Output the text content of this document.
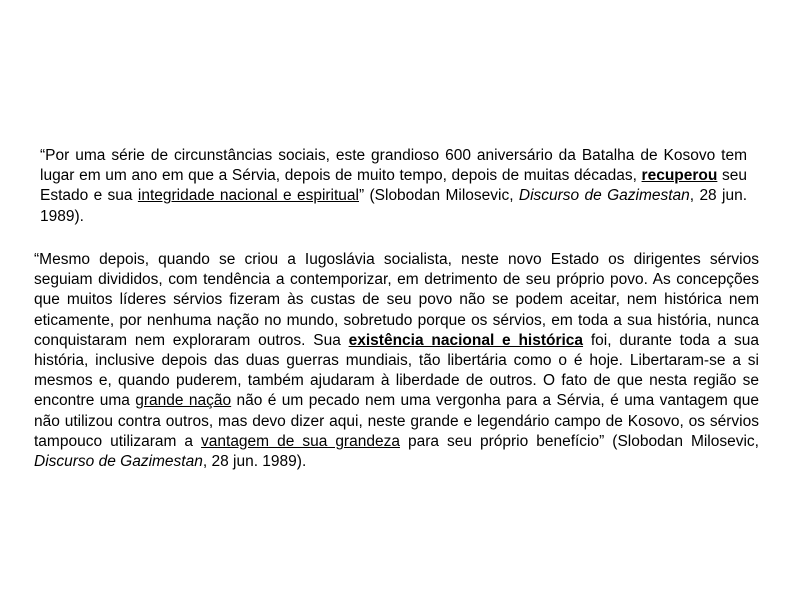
“Por uma série de circunstâncias sociais, este grandioso 600 aniversário da Batalha de Kosovo tem lugar em um ano em que a Sérvia, depois de muito tempo, depois de muitas décadas, recuperou seu Estado e sua integridade nacional e espiritual” (Slobodan Milosevic, Discurso de Gazimestan, 28 jun. 1989).

“Mesmo depois, quando se criou a Iugoslávia socialista, neste novo Estado os dirigentes sérvios seguiam divididos, com tendência a contemporizar, em detrimento de seu próprio povo. As concepções que muitos líderes sérvios fizeram às custas de seu povo não se podem aceitar, nem histórica nem eticamente, por nenhuma nação no mundo, sobretudo porque os sérvios, em toda a sua história, nunca conquistaram nem exploraram outros. Sua existência nacional e histórica foi, durante toda a sua história, inclusive depois das duas guerras mundiais, tão libertária como o é hoje. Libertaram-se a si mesmos e, quando puderem, também ajudaram à liberdade de outros. O fato de que nesta região se encontre uma grande nação não é um pecado nem uma vergonha para a Sérvia, é uma vantagem que não utilizou contra outros, mas devo dizer aqui, neste grande e legendário campo de Kosovo, os sérvios tampouco utilizaram a vantagem de sua grandeza para seu próprio benefício” (Slobodan Milosevic, Discurso de Gazimestan, 28 jun. 1989).
